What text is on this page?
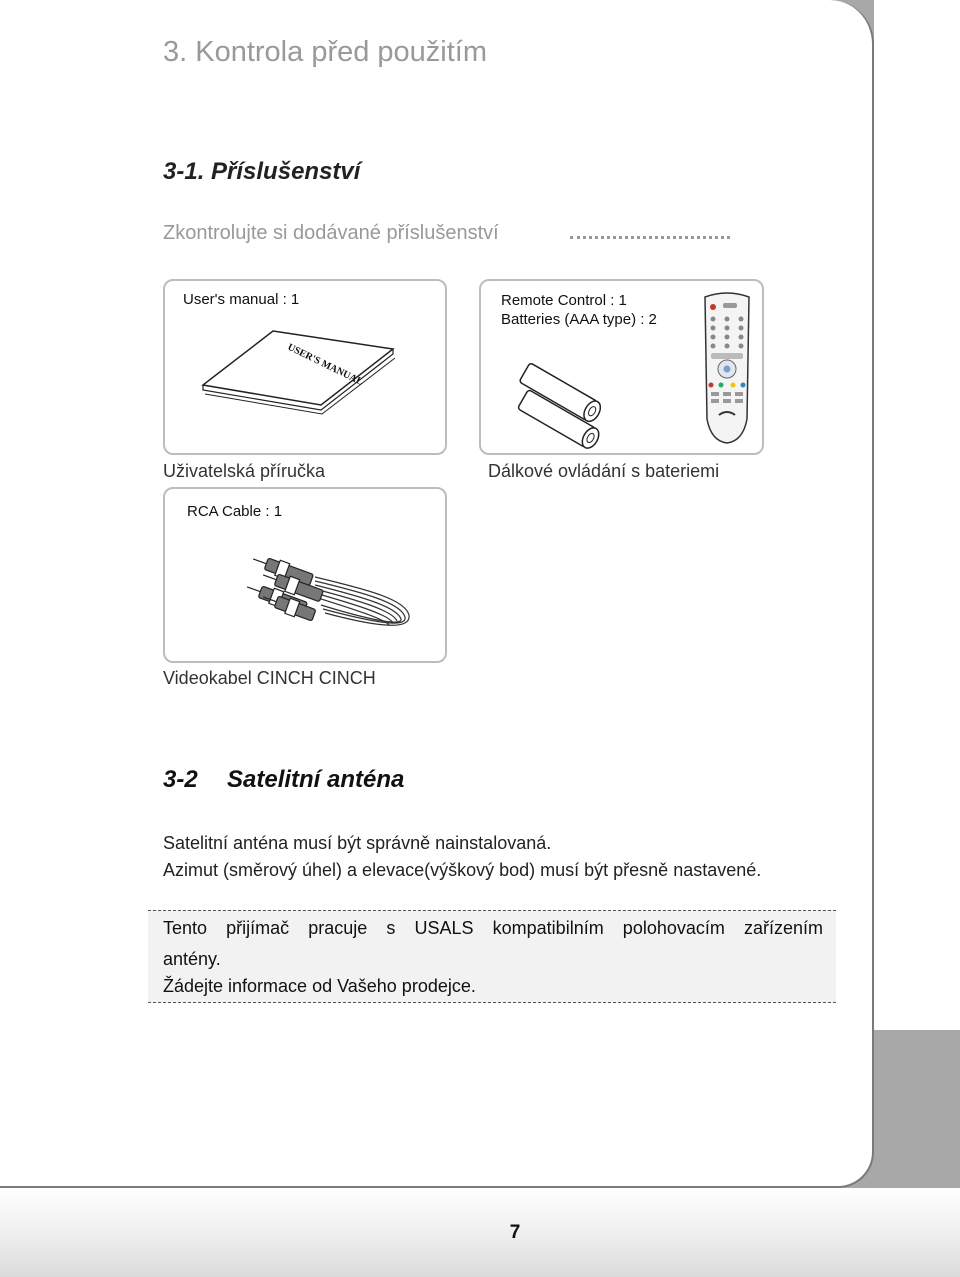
7
3. Kontrola před použitím
3-1. Příslušenství
Zkontrolujte si dodávané příslušenství
User's manual : 1
USER'S MANUAL
Uživatelská příručka
Remote Control : 1
Batteries (AAA type) : 2
Dálkové ovládání s bateriemi
RCA Cable : 1
Videokabel CINCH CINCH
3-2 Satelitní anténa
Satelitní anténa musí být správně nainstalovaná.
Azimut (směrový úhel) a elevace(výškový bod) musí být přesně nastavené.
Tento přijímač pracuje s USALS kompatibilním polohovacím zařízením
antény.
Žádejte informace od Vašeho prodejce.
